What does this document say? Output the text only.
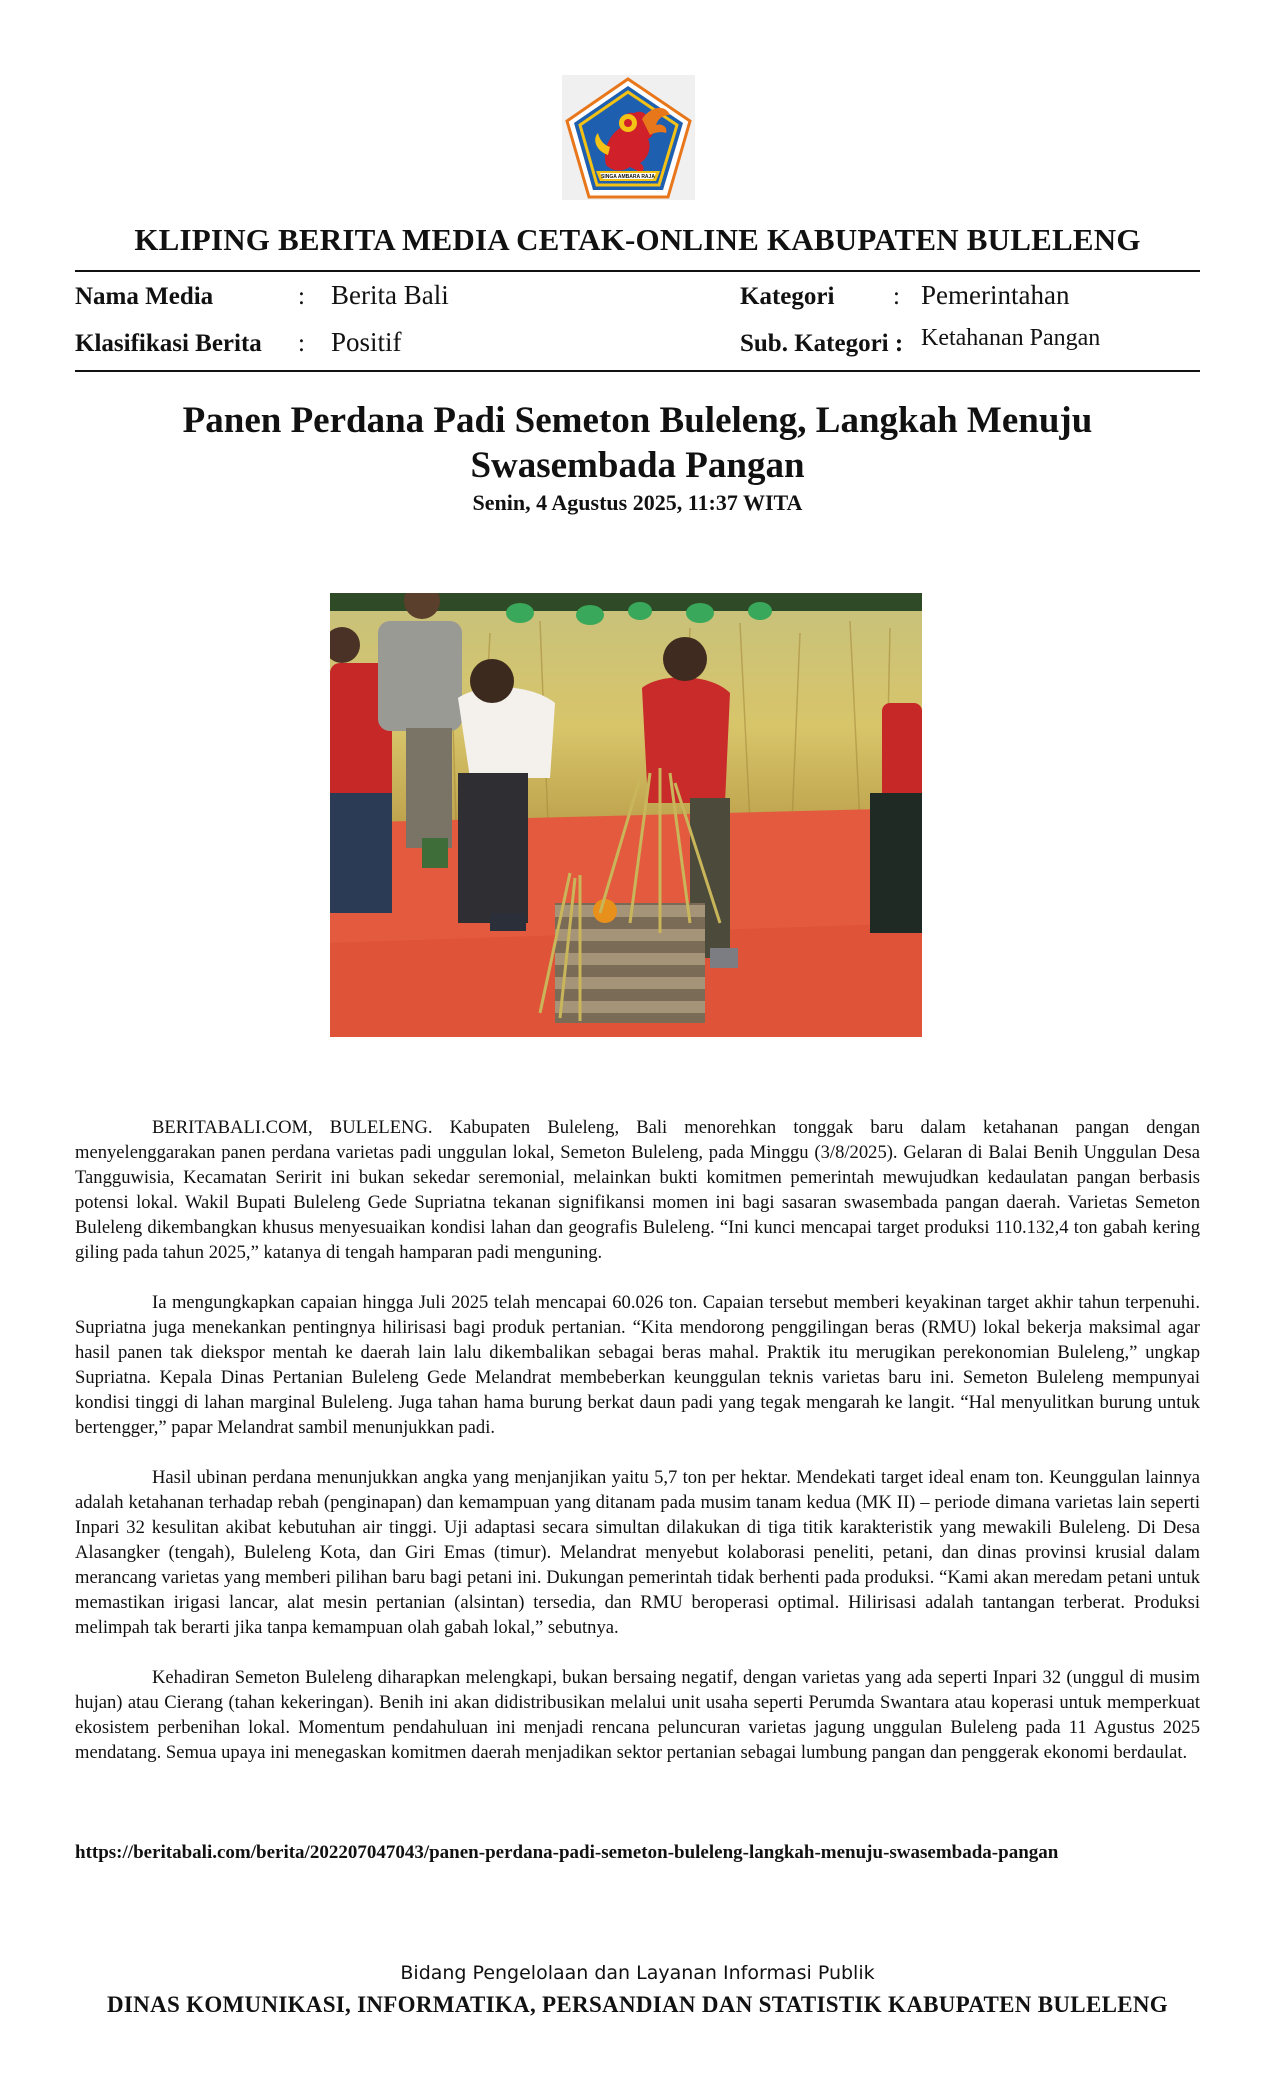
SINGA AMBARA RAJA
KLIPING BERITA MEDIA CETAK-ONLINE KABUPATEN BULELENG
Nama Media	: Berita Bali	Kategori : Pemerintahan
Klasifikasi Berita : Positif	Sub. Kategori : Ketahanan Pangan
Panen Perdana Padi Semeton Buleleng, Langkah Menuju Swasembada Pangan
Senin, 4 Agustus 2025, 11:37 WITA

BERITABALI.COM, BULELENG. Kabupaten Buleleng, Bali menorehkan tonggak baru dalam ketahanan pangan dengan menyelenggarakan panen perdana varietas padi unggulan lokal, Semeton Buleleng, pada Minggu (3/8/2025). Gelaran di Balai Benih Unggulan Desa Tangguwisia, Kecamatan Seririt ini bukan sekedar seremonial, melainkan bukti komitmen pemerintah mewujudkan kedaulatan pangan berbasis potensi lokal. Wakil Bupati Buleleng Gede Supriatna tekanan signifikansi momen ini bagi sasaran swasembada pangan daerah. Varietas Semeton Buleleng dikembangkan khusus menyesuaikan kondisi lahan dan geografis Buleleng. “Ini kunci mencapai target produksi 110.132,4 ton gabah kering giling pada tahun 2025,” katanya di tengah hamparan padi menguning.

Ia mengungkapkan capaian hingga Juli 2025 telah mencapai 60.026 ton. Capaian tersebut memberi keyakinan target akhir tahun terpenuhi. Supriatna juga menekankan pentingnya hilirisasi bagi produk pertanian. “Kita mendorong penggilingan beras (RMU) lokal bekerja maksimal agar hasil panen tak diekspor mentah ke daerah lain lalu dikembalikan sebagai beras mahal. Praktik itu merugikan perekonomian Buleleng,” ungkap Supriatna. Kepala Dinas Pertanian Buleleng Gede Melandrat membeberkan keunggulan teknis varietas baru ini. Semeton Buleleng mempunyai kondisi tinggi di lahan marginal Buleleng. Juga tahan hama burung berkat daun padi yang tegak mengarah ke langit. “Hal menyulitkan burung untuk bertengger,” papar Melandrat sambil menunjukkan padi.

Hasil ubinan perdana menunjukkan angka yang menjanjikan yaitu 5,7 ton per hektar. Mendekati target ideal enam ton. Keunggulan lainnya adalah ketahanan terhadap rebah (penginapan) dan kemampuan yang ditanam pada musim tanam kedua (MK II) – periode dimana varietas lain seperti Inpari 32 kesulitan akibat kebutuhan air tinggi. Uji adaptasi secara simultan dilakukan di tiga titik karakteristik yang mewakili Buleleng. Di Desa Alasangker (tengah), Buleleng Kota, dan Giri Emas (timur). Melandrat menyebut kolaborasi peneliti, petani, dan dinas provinsi krusial dalam merancang varietas yang memberi pilihan baru bagi petani ini. Dukungan pemerintah tidak berhenti pada produksi. “Kami akan meredam petani untuk memastikan irigasi lancar, alat mesin pertanian (alsintan) tersedia, dan RMU beroperasi optimal. Hilirisasi adalah tantangan terberat. Produksi melimpah tak berarti jika tanpa kemampuan olah gabah lokal,” sebutnya.

Kehadiran Semeton Buleleng diharapkan melengkapi, bukan bersaing negatif, dengan varietas yang ada seperti Inpari 32 (unggul di musim hujan) atau Cierang (tahan kekeringan). Benih ini akan didistribusikan melalui unit usaha seperti Perumda Swantara atau koperasi untuk memperkuat ekosistem perbenihan lokal. Momentum pendahuluan ini menjadi rencana peluncuran varietas jagung unggulan Buleleng pada 11 Agustus 2025 mendatang. Semua upaya ini menegaskan komitmen daerah menjadikan sektor pertanian sebagai lumbung pangan dan penggerak ekonomi berdaulat.

https://beritabali.com/berita/202207047043/panen-perdana-padi-semeton-buleleng-langkah-menuju-swasembada-pangan
Bidang Pengelolaan dan Layanan Informasi Publik
DINAS KOMUNIKASI, INFORMATIKA, PERSANDIAN DAN STATISTIK KABUPATEN BULELENG
